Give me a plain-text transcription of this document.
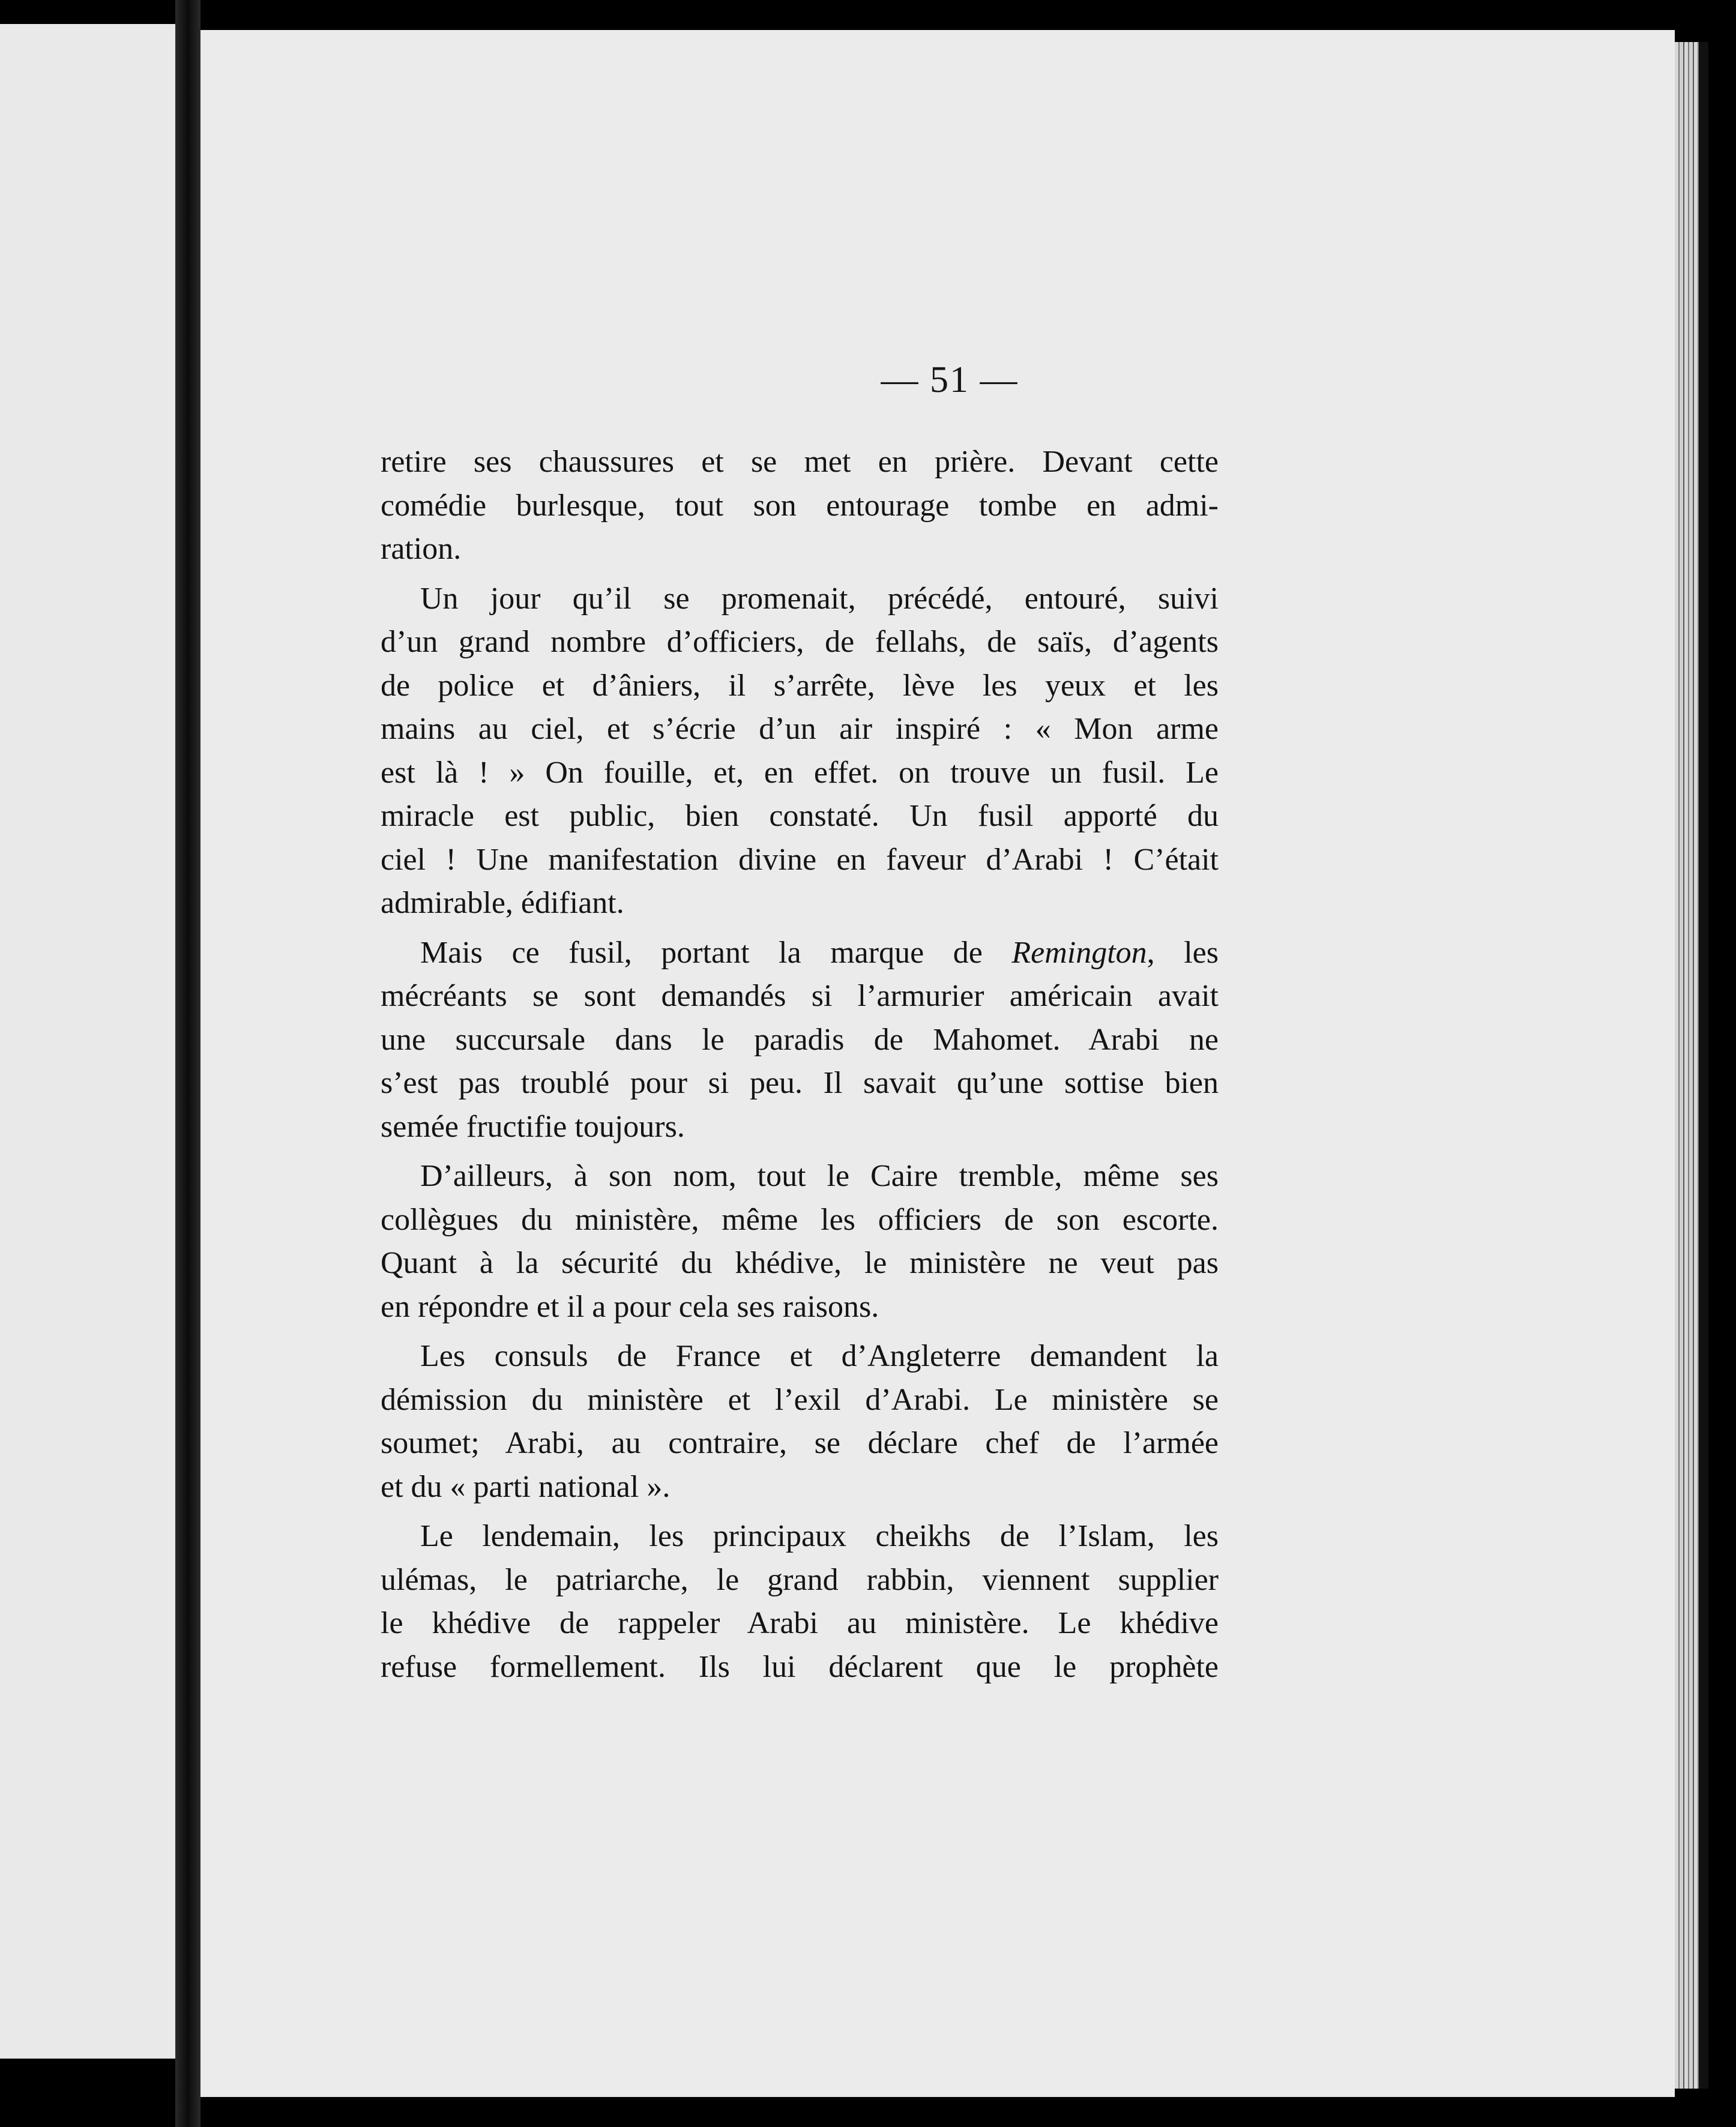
— 51 —
retire ses chaussures et se met en prière. Devant cette
comédie burlesque, tout son entourage tombe en admi-
ration.
Un jour qu’il se promenait, précédé, entouré, suivi
d’un grand nombre d’officiers, de fellahs, de saïs, d’agents
de police et d’âniers, il s’arrête, lève les yeux et les
mains au ciel, et s’écrie d’un air inspiré : « Mon arme
est là ! » On fouille, et, en effet. on trouve un fusil. Le
miracle est public, bien constaté. Un fusil apporté du
ciel ! Une manifestation divine en faveur d’Arabi ! C’était
admirable, édifiant.
Mais ce fusil, portant la marque de Remington, les
mécréants se sont demandés si l’armurier américain avait
une succursale dans le paradis de Mahomet. Arabi ne
s’est pas troublé pour si peu. Il savait qu’une sottise bien
semée fructifie toujours.
D’ailleurs, à son nom, tout le Caire tremble, même ses
collègues du ministère, même les officiers de son escorte.
Quant à la sécurité du khédive, le ministère ne veut pas
en répondre et il a pour cela ses raisons.
Les consuls de France et d’Angleterre demandent la
démission du ministère et l’exil d’Arabi. Le ministère se
soumet; Arabi, au contraire, se déclare chef de l’armée
et du « parti national ».
Le lendemain, les principaux cheikhs de l’Islam, les
ulémas, le patriarche, le grand rabbin, viennent supplier
le khédive de rappeler Arabi au ministère. Le khédive
refuse formellement. Ils lui déclarent que le prophète
